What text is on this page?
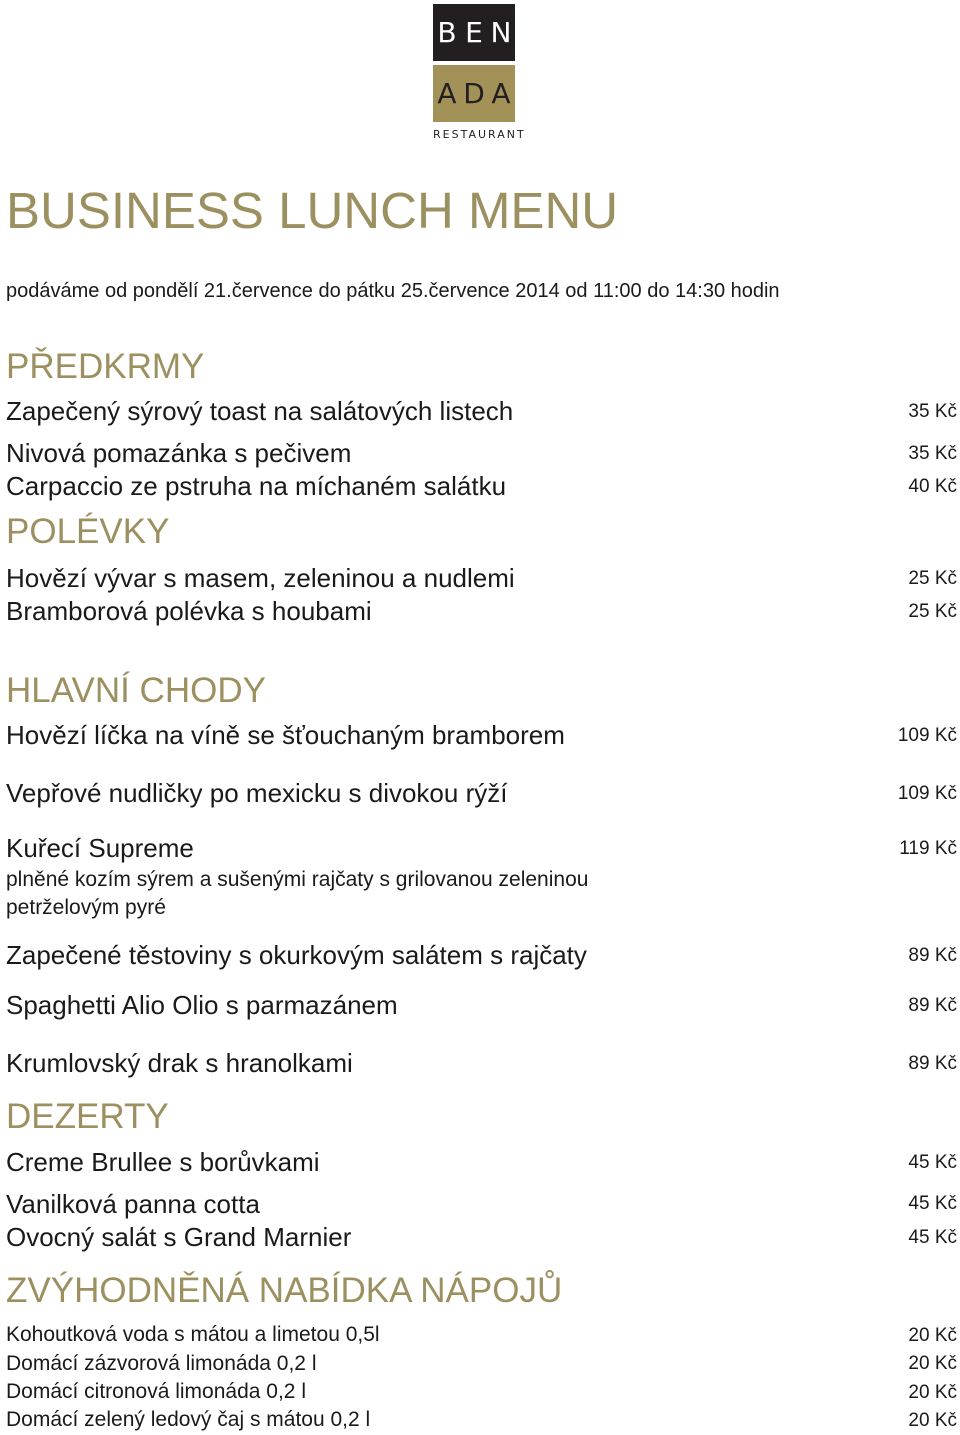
B E N
A D A
RESTAURANT
BUSINESS LUNCH MENU
podáváme od pondělí 21.července do pátku 25.července 2014 od 11:00 do 14:30 hodin
PŘEDKRMY
Zapečený sýrový toast na salátových listech	35 Kč
Nivová pomazánka s pečivem	35 Kč
Carpaccio ze pstruha na míchaném salátku	40 Kč
POLÉVKY
Hovězí vývar s masem, zeleninou a nudlemi	25 Kč
Bramborová polévka s houbami	25 Kč
HLAVNÍ CHODY
Hovězí líčka na víně se šťouchaným bramborem	109 Kč
Vepřové nudličky po mexicku s divokou rýží	109 Kč
Kuřecí Supreme	119 Kč
plněné kozím sýrem a sušenými rajčaty s grilovanou zeleninou
petrželovým pyré
Zapečené těstoviny s okurkovým salátem s rajčaty	89 Kč
Spaghetti Alio Olio s parmazánem	89 Kč
Krumlovský drak s hranolkami	89 Kč
DEZERTY
Creme Brullee s borůvkami	45 Kč
Vanilková panna cotta	45 Kč
Ovocný salát s Grand Marnier	45 Kč
ZVÝHODNĚNÁ NABÍDKA NÁPOJŮ
Kohoutková voda s mátou a limetou 0,5l	20 Kč
Domácí zázvorová limonáda 0,2 l	20 Kč
Domácí citronová limonáda 0,2 l	20 Kč
Domácí zelený ledový čaj s mátou 0,2 l	20 Kč
